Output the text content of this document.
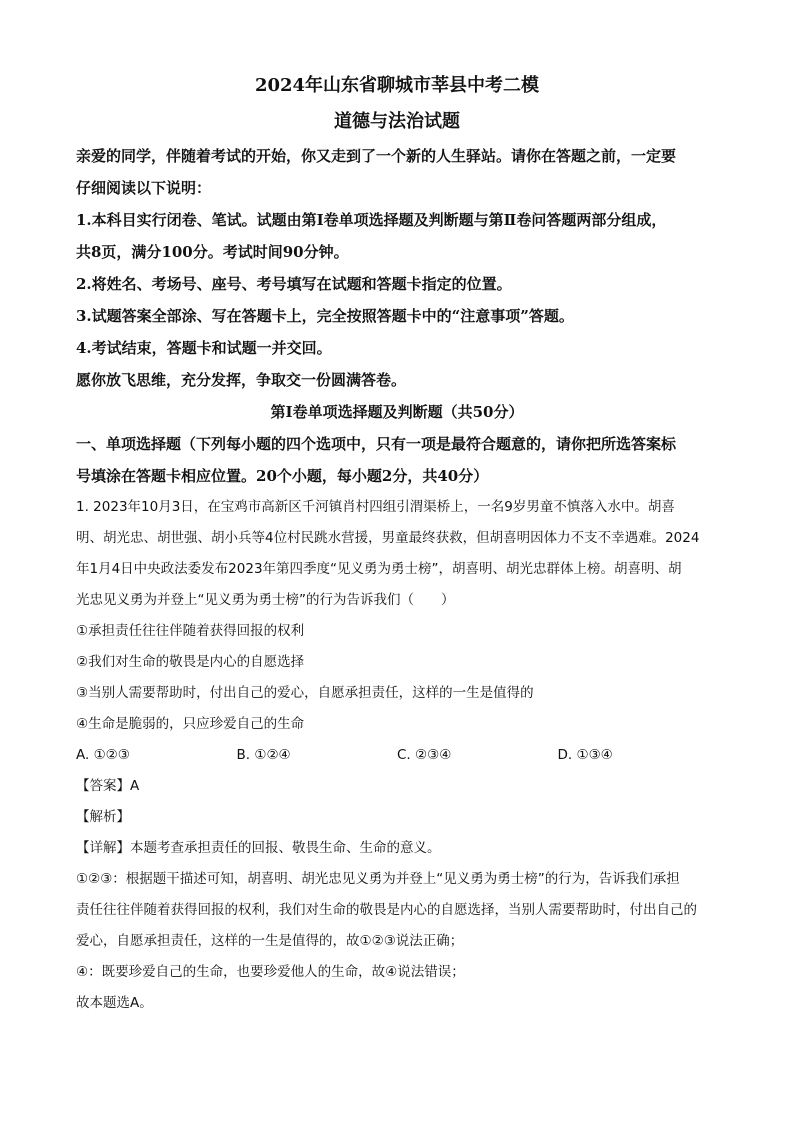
2024年山东省聊城市莘县中考二模
道德与法治试题

亲爱的同学，伴随着考试的开始，你又走到了一个新的人生驿站。请你在答题之前，一定要

仔细阅读以下说明：

1.本科目实行闭卷、笔试。试题由第Ⅰ卷单项选择题及判断题与第Ⅱ卷问答题两部分组成，

共8页，满分100分。考试时间90分钟。

2.将姓名、考场号、座号、考号填写在试题和答题卡指定的位置。

3.试题答案全部涂、写在答题卡上，完全按照答题卡中的“注意事项”答题。

4.考试结束，答题卡和试题一并交回。

愿你放飞思维，充分发挥，争取交一份圆满答卷。

第Ⅰ卷单项选择题及判断题（共50分）

一、单项选择题（下列每小题的四个选项中，只有一项是最符合题意的，请你把所选答案标

号填涂在答题卡相应位置。20个小题，每小题2分，共40分）

1. 2023年10月3日，在宝鸡市高新区千河镇肖村四组引渭渠桥上，一名9岁男童不慎落入水中。胡喜

明、胡光忠、胡世强、胡小兵等4位村民跳水营援，男童最终获救，但胡喜明因体力不支不幸遇难。2024

年1月4日中央政法委发布2023年第四季度“见义勇为勇士榜”，胡喜明、胡光忠群体上榜。胡喜明、胡

光忠见义勇为并登上“见义勇为勇士榜”的行为告诉我们（　　）

①承担责任往往伴随着获得回报的权利

②我们对生命的敬畏是内心的自愿选择

③当别人需要帮助时，付出自己的爱心，自愿承担责任，这样的一生是值得的

④生命是脆弱的，只应珍爱自己的生命

A. ①②③	B. ①②④	C. ②③④	D. ①③④

【答案】A

【解析】

【详解】本题考查承担责任的回报、敬畏生命、生命的意义。

①②③：根据题干描述可知，胡喜明、胡光忠见义勇为并登上“见义勇为勇士榜”的行为，告诉我们承担

责任往往伴随着获得回报的权利，我们对生命的敬畏是内心的自愿选择，当别人需要帮助时，付出自己的

爱心，自愿承担责任，这样的一生是值得的，故①②③说法正确；

④：既要珍爱自己的生命，也要珍爱他人的生命，故④说法错误；

故本题选A。
